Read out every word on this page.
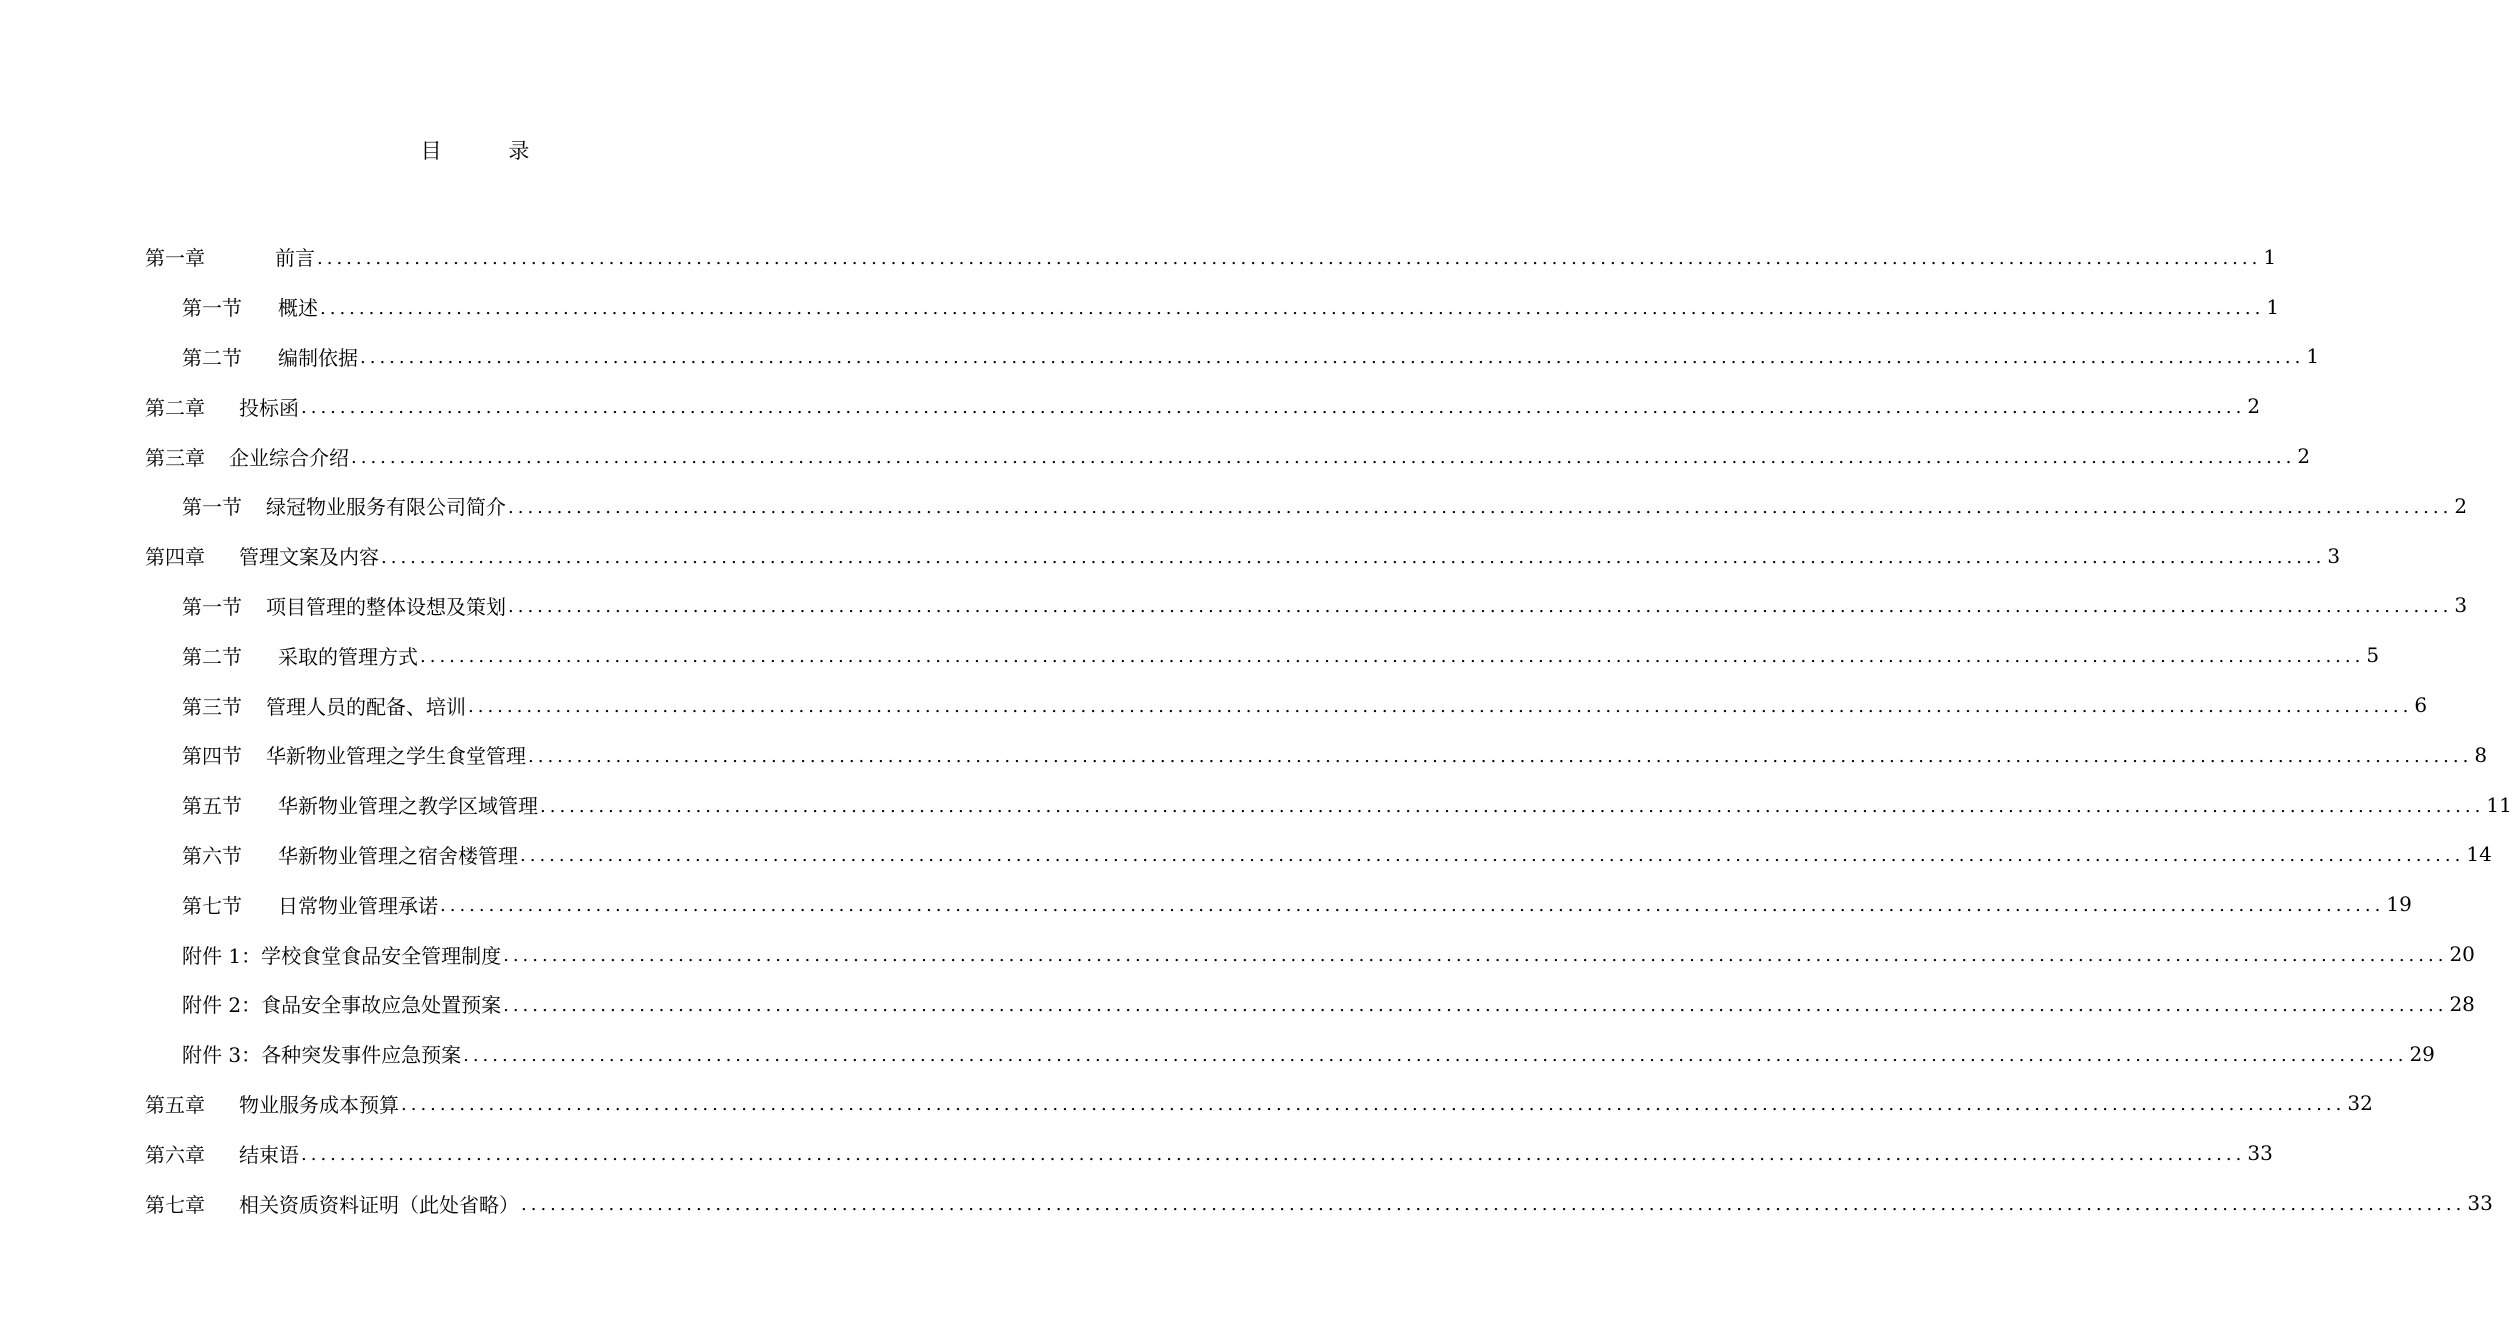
目 录
第一章	前言 ........................................................................................................................................................................................................ 1
第一节 概述 ........................................................................................................................................................................................................ 1
第二节 编制依据 ........................................................................................................................................................................................................ 1
第二章 投标函 ........................................................................................................................................................................................................ 2
第三章 企业综合介绍 ........................................................................................................................................................................................................ 2
第一节 绿冠物业服务有限公司简介 ........................................................................................................................................................................................................ 2
第四章 管理文案及内容 ........................................................................................................................................................................................................ 3
第一节 项目管理的整体设想及策划 ........................................................................................................................................................................................................ 3
第二节 采取的管理方式 ........................................................................................................................................................................................................ 5
第三节 管理人员的配备、培训 ........................................................................................................................................................................................................ 6
第四节 华新物业管理之学生食堂管理 ........................................................................................................................................................................................................ 8
第五节 华新物业管理之教学区域管理 ........................................................................................................................................................................................................ 11
第六节 华新物业管理之宿舍楼管理 ........................................................................................................................................................................................................ 14
第七节 日常物业管理承诺 ........................................................................................................................................................................................................ 19
附件 1： 学校食堂食品安全管理制度 ........................................................................................................................................................................................................ 20
附件 2： 食品安全事故应急处置预案 ........................................................................................................................................................................................................ 28
附件 3： 各种突发事件应急预案 ........................................................................................................................................................................................................ 29
第五章 物业服务成本预算 ........................................................................................................................................................................................................ 32
第六章 结束语 ........................................................................................................................................................................................................ 33
第七章 相关资质资料证明（此处省略） ........................................................................................................................................................................................................ 33
